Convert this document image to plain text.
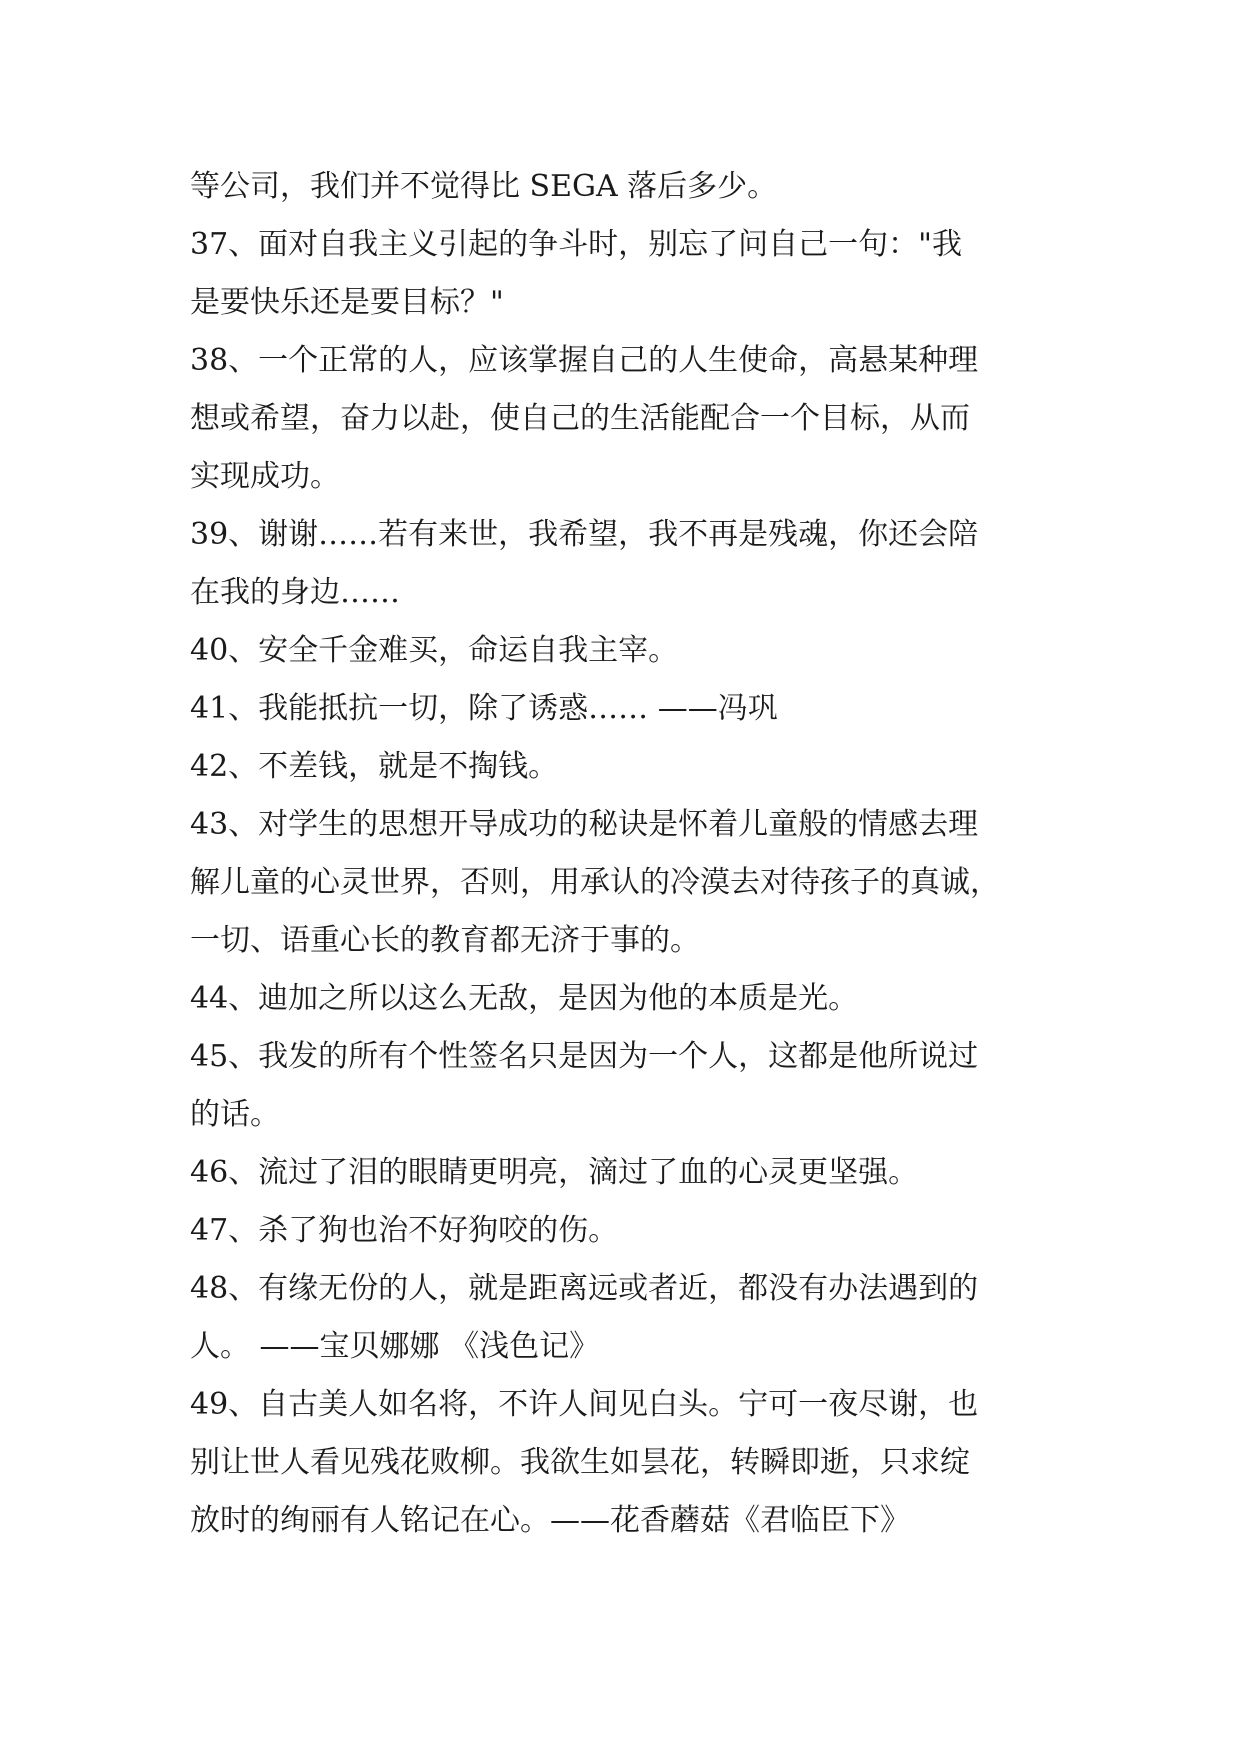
等公司，我们并不觉得比 SEGA 落后多少。

37、面对自我主义引起的争斗时，别忘了问自己一句："我

是要快乐还是要目标？"

38、一个正常的人，应该掌握自己的人生使命，高悬某种理

想或希望，奋力以赴，使自己的生活能配合一个目标，从而

实现成功。

39、谢谢……若有来世，我希望，我不再是残魂，你还会陪

在我的身边……

40、安全千金难买，命运自我主宰。

41、我能抵抗一切，除了诱惑…… ——冯巩

42、不差钱，就是不掏钱。

43、对学生的思想开导成功的秘诀是怀着儿童般的情感去理

解儿童的心灵世界，否则，用承认的冷漠去对待孩子的真诚，

一切、语重心长的教育都无济于事的。

44、迪加之所以这么无敌，是因为他的本质是光。

45、我发的所有个性签名只是因为一个人，这都是他所说过

的话。

46、流过了泪的眼睛更明亮，滴过了血的心灵更坚强。

47、杀了狗也治不好狗咬的伤。

48、有缘无份的人，就是距离远或者近，都没有办法遇到的

人。 ——宝贝娜娜 《浅色记》

49、自古美人如名将，不许人间见白头。宁可一夜尽谢，也

别让世人看见残花败柳。我欲生如昙花，转瞬即逝，只求绽

放时的绚丽有人铭记在心。——花香蘑菇《君临臣下》
